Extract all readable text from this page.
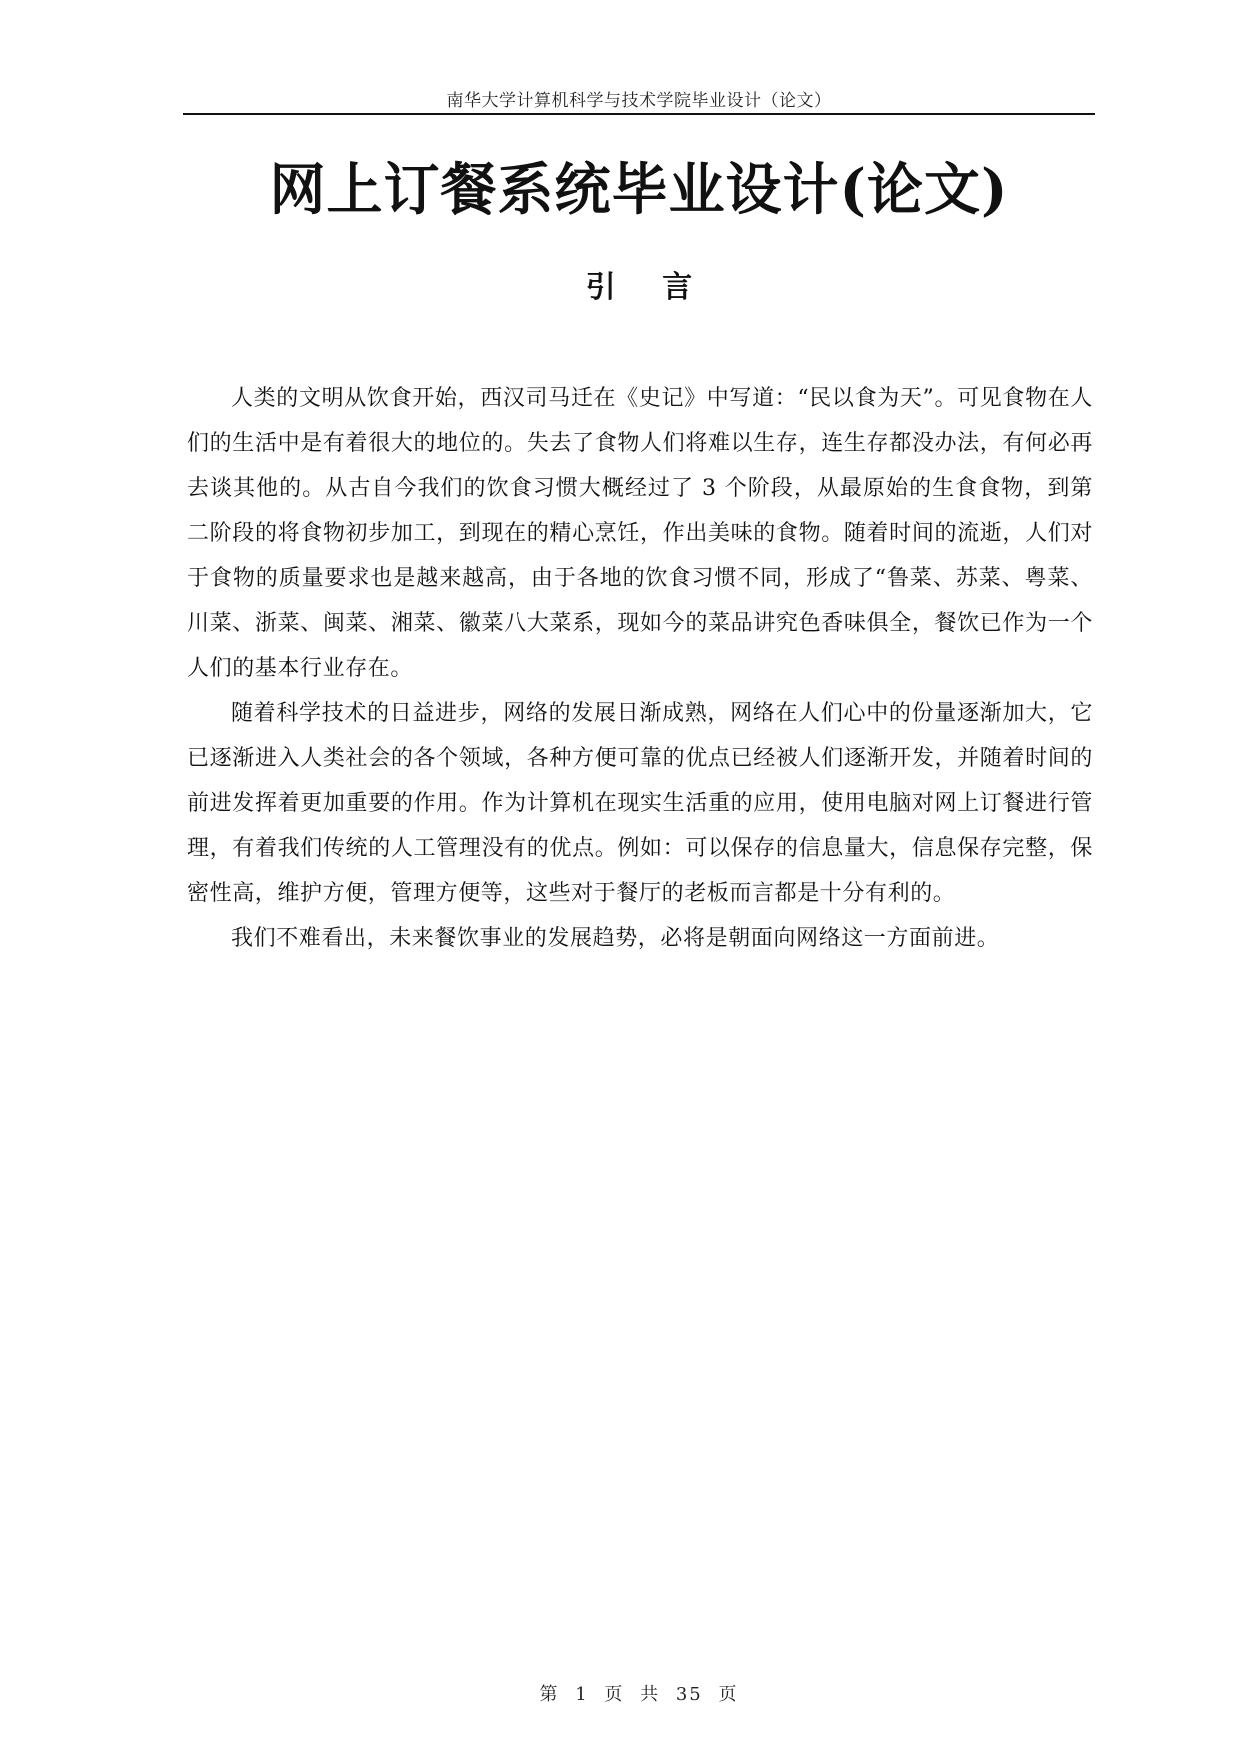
南华大学计算机科学与技术学院毕业设计（论文）
网上订餐系统毕业设计(论文)
引 言

人类的文明从饮食开始，西汉司马迁在《史记》中写道：“民以食为天”。可见食物在人们的生活中是有着很大的地位的。失去了食物人们将难以生存，连生存都没办法，有何必再去谈其他的。从古自今我们的饮食习惯大概经过了 3 个阶段，从最原始的生食食物，到第二阶段的将食物初步加工，到现在的精心烹饪，作出美味的食物。随着时间的流逝，人们对于食物的质量要求也是越来越高，由于各地的饮食习惯不同，形成了“鲁菜、苏菜、粤菜、川菜、浙菜、闽菜、湘菜、徽菜八大菜系，现如今的菜品讲究色香味俱全，餐饮已作为一个人们的基本行业存在。

随着科学技术的日益进步，网络的发展日渐成熟，网络在人们心中的份量逐渐加大，它已逐渐进入人类社会的各个领域，各种方便可靠的优点已经被人们逐渐开发，并随着时间的前进发挥着更加重要的作用。作为计算机在现实生活重的应用，使用电脑对网上订餐进行管理，有着我们传统的人工管理没有的优点。例如：可以保存的信息量大，信息保存完整，保密性高，维护方便，管理方便等，这些对于餐厅的老板而言都是十分有利的。

我们不难看出，未来餐饮事业的发展趋势，必将是朝面向网络这一方面前进。

第 1 页 共 35 页
